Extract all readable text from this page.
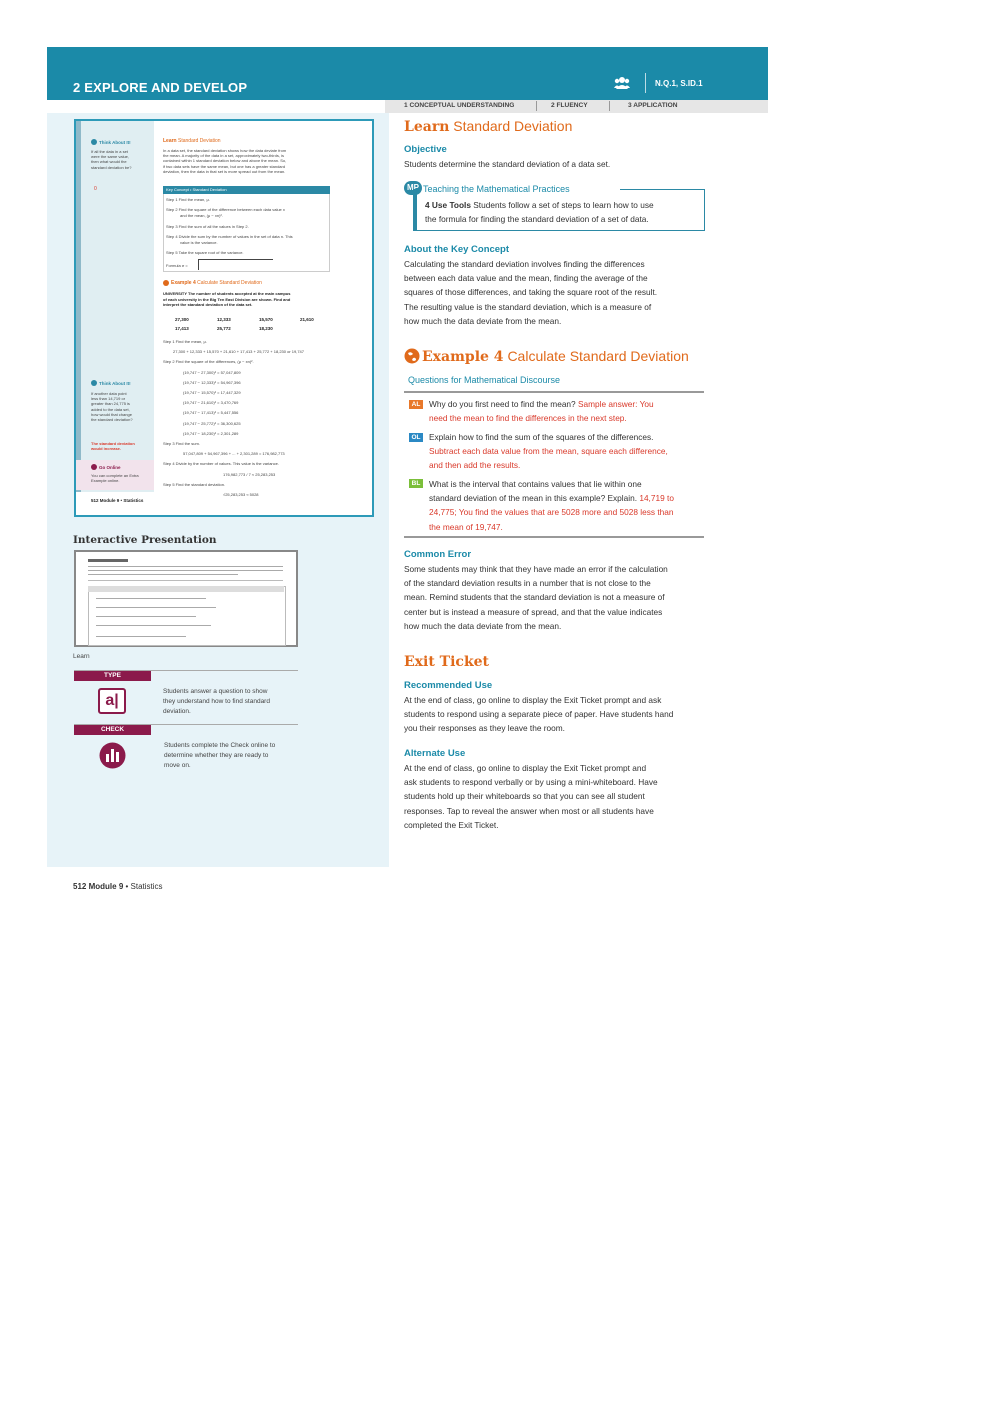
2 EXPLORE AND DEVELOP	N.Q.1, S.ID.1
1 CONCEPTUAL UNDERSTANDING	2 FLUENCY	3 APPLICATION
Think About It!
If all the data in a set
were the same value,
then what would the
standard deviation be?
0
Think About It!
If another data point
less than 14,719 or
greater than 24,775 is
added to the data set,
how would that change
the standard deviation?
The standard deviation
would increase.
Go Online
You can complete an Extra
Example online.
512 Module 9 • Statistics
Learn Standard Deviation
In a data set, the standard deviation shows how the data deviate from
the mean. A majority of the data in a set, approximately two-thirds, is
contained within 1 standard deviation below and above the mean. So,
if two data sets have the same mean, but one has a greater standard
deviation, then the data in that set is more spread out from the mean.
Key Concept • Standard Deviation
Step 1 Find the mean, μ.
Step 2 Find the square of the difference between each data value x
and the mean, (μ − xn)².
Step 3 Find the sum of all the values in Step 2.
Step 4 Divide the sum by the number of values in the set of data n. This
value is the variance.
Step 5 Take the square root of the variance.
Formula σ =
Example 4 Calculate Standard Deviation
UNIVERSITY The number of students accepted at the main campus
of each university in the Big Ten East Division are shown. Find and
interpret the standard deviation of the data set.
27,300	12,333	15,570	21,610
17,413	25,772	18,230
Step 1 Find the mean, μ.
27,300 + 12,333 + 15,570 + 21,610 + 17,413 + 25,772 + 18,230 or 19,747
Step 2 Find the square of the differences, (μ − xn)².
(19,747 − 27,300)² = 57,047,809
(19,747 − 12,333)² = 54,967,396
(19,747 − 15,570)² = 17,447,329
(19,747 − 21,610)² = 3,470,769
(19,747 − 17,413)² = 5,447,556
(19,747 − 25,772)² = 36,300,625
(19,747 − 18,230)² = 2,301,289
Step 3 Find the sum.
57,047,809 + 54,967,396 + ... + 2,301,289 = 176,982,773
Step 4 Divide by the number of values. This value is the variance.
176,982,773 / 7 ≈ 25,283,253
Step 5 Find the standard deviation.
√25,283,253 ≈ 5028
Interactive Presentation
Learn
TYPE
a|
Students answer a question to show
they understand how to find standard
deviation.
CHECK
Students complete the Check online to
determine whether they are ready to
move on.
Learn Standard Deviation
Objective
Students determine the standard deviation of a data set.
MP Teaching the Mathematical Practices
4 Use Tools Students follow a set of steps to learn how to use
the formula for finding the standard deviation of a set of data.
About the Key Concept
Calculating the standard deviation involves finding the differences
between each data value and the mean, finding the average of the
squares of those differences, and taking the square root of the result.
The resulting value is the standard deviation, which is a measure of
how much the data deviate from the mean.
Example 4 Calculate Standard Deviation
Questions for Mathematical Discourse
AL	Why do you first need to find the mean? Sample answer: You
need the mean to find the differences in the next step.
OL Explain how to find the sum of the squares of the differences.
Subtract each data value from the mean, square each difference,
and then add the results.
BL	What is the interval that contains values that lie within one
standard deviation of the mean in this example? Explain. 14,719 to
24,775; You find the values that are 5028 more and 5028 less than
the mean of 19,747.
Common Error
Some students may think that they have made an error if the calculation
of the standard deviation results in a number that is not close to the
mean. Remind students that the standard deviation is not a measure of
center but is instead a measure of spread, and that the value indicates
how much the data deviate from the mean.
Exit Ticket
Recommended Use
At the end of class, go online to display the Exit Ticket prompt and ask
students to respond using a separate piece of paper. Have students hand
you their responses as they leave the room.
Alternate Use
At the end of class, go online to display the Exit Ticket prompt and
ask students to respond verbally or by using a mini-whiteboard. Have
students hold up their whiteboards so that you can see all student
responses. Tap to reveal the answer when most or all students have
completed the Exit Ticket.
512 Module 9 • Statistics
